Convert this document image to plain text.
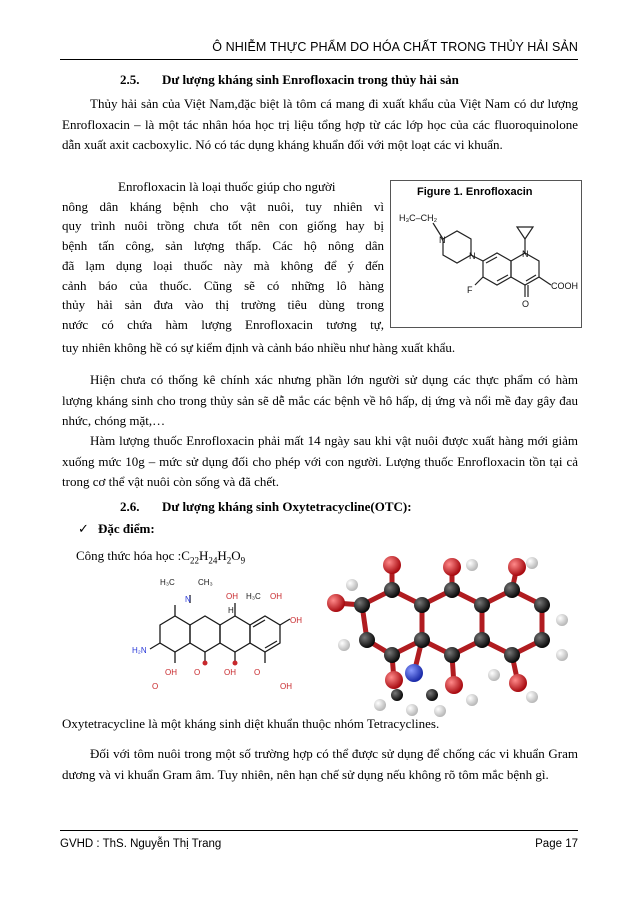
Ô NHIỄM THỰC PHẨM DO HÓA CHẤT TRONG THỦY HẢI SẢN
2.5. Dư lượng kháng sinh Enrofloxacin trong thủy hải sản
Thủy hải sản của Việt Nam,đặc biệt là tôm cá mang đi xuất khẩu của Việt Nam có dư lượng Enrofloxacin – là một tác nhân hóa học trị liệu tổng hợp từ các lớp học của các fluoroquinolone dẫn xuất axit cacboxylic. Nó có tác dụng kháng khuẩn đối với một loạt các vi khuẩn.
Enrofloxacin là loại thuốc giúp cho người
nông dân kháng bệnh cho vật nuôi, tuy nhiên vì
quy trình nuôi trồng chưa tốt nên con giống hay bị
bệnh tấn công, sản lượng thấp. Các hộ nông dân
đã lạm dụng loại thuốc này mà không để ý đến
cảnh báo của thuốc. Cũng sẽ có những lô hàng
thủy hải sản đưa vào thị trường tiêu dùng trong
nước có chứa hàm lượng Enrofloxacin tương tự,
tuy nhiên không hề có sự kiểm định và cảnh báo nhiều như hàng xuất khẩu.
Figure 1. Enrofloxacin
H₃C–CH₂
N
N	N
F	COOH
O
Hiện chưa có thống kê chính xác nhưng phần lớn người sử dụng các thực phẩm có hàm lượng kháng sinh cho trong thủy sản sẽ dễ mắc các bệnh về hô hấp, dị ứng và nổi mề đay gây đau nhức, chóng mặt,…
Hàm lượng thuốc Enrofloxacin phải mất 14 ngày sau khi vật nuôi được xuất hàng mới giảm xuống mức 10g – mức sử dụng đối cho phép với con người. Lượng thuốc Enrofloxacin tồn tại cả trong cơ thể vật nuôi còn sống và đã chết.
2.6. Dư lượng kháng sinh Oxytetracycline(OTC):
✓ Đặc điểm:
Công thức hóa học $:C_{22}H_{24}H_2O_9$
H₃C	CH₃
N	OH H₃C OH
H₂N
OH O	OH O
OH
H
O	OH
Oxytetracycline là một kháng sinh diệt khuẩn thuộc nhóm Tetracyclines.
Đối với tôm nuôi trong một số trường hợp có thể được sử dụng để chống các vi khuẩn Gram dương và vi khuẩn Gram âm. Tuy nhiên, nên hạn chế sử dụng nếu không rõ tôm mắc bệnh gì.
GVHD : ThS. Nguyễn Thị Trang	Page 17
